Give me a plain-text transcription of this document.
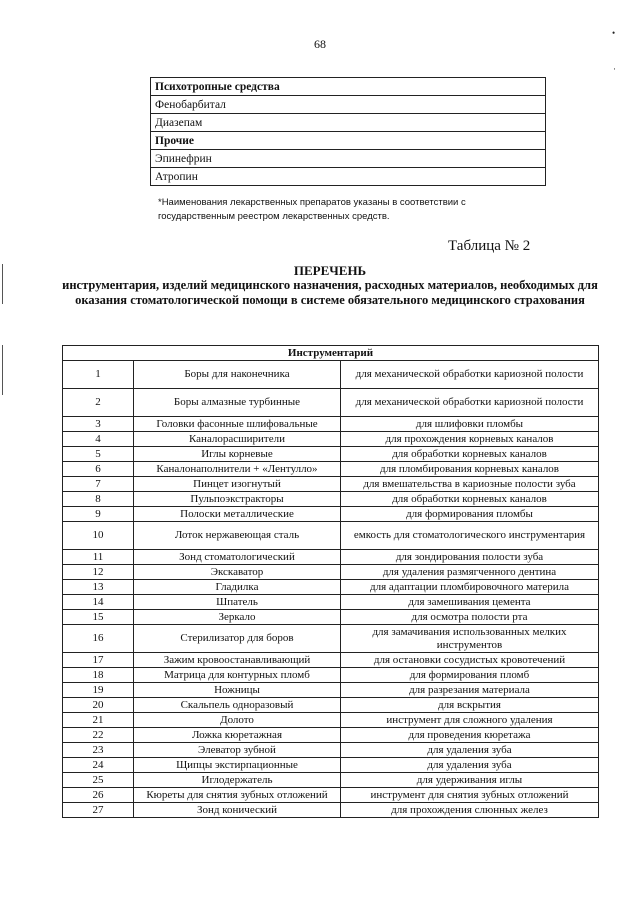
68
•
·
Психотропные средства
Фенобарбитал
Диазепам
Прочие
Эпинефрин
Атропин
*Наименования лекарственных препаратов указаны в соответствии с государственным реестром лекарственных средств.
Таблица № 2
ПЕРЕЧЕНЬ
инструментария, изделий медицинского назначения, расходных материалов, необходимых для оказания стоматологической помощи в системе обязательного медицинского страхования
Инструментарий		
1	Боры для наконечника	для механической обработки кариозной полости
2	Боры алмазные турбинные	для механической обработки кариозной полости
3	Головки фасонные шлифовальные	для шлифовки пломбы
4	Каналорасширители	для прохождения корневых каналов
5	Иглы корневые	для обработки корневых каналов
6	Каналонаполнители + «Лентулло»	для пломбирования корневых каналов
7	Пинцет изогнутый	для вмешательства в кариозные полости зуба
8	Пульпоэкстракторы	для обработки корневых каналов
9	Полоски металлические	для формирования пломбы
10	Лоток нержавеющая сталь	емкость для стоматологического инструментария
11	Зонд стоматологический	для зондирования полости зуба
12	Экскаватор	для удаления размягченного дентина
13	Гладилка	для адаптации пломбировочного материла
14	Шпатель	для замешивания цемента
15	Зеркало	для осмотра полости рта
16	Стерилизатор для боров	для замачивания использованных мелких инструментов
17	Зажим кровоостанавливающий	для остановки сосудистых кровотечений
18	Матрица для контурных пломб	для формирования пломб
19	Ножницы	для разрезания материала
20	Скальпель одноразовый	для вскрытия
21	Долото	инструмент для сложного удаления
22	Ложка кюретажная	для проведения кюретажа
23	Элеватор зубной	для удаления зуба
24	Щипцы экстирпационные	для удаления зуба
25	Иглодержатель	для удерживания иглы
26	Кюреты для снятия зубных отложений	инструмент для снятия зубных отложений
27	Зонд конический	для прохождения слюнных желез
